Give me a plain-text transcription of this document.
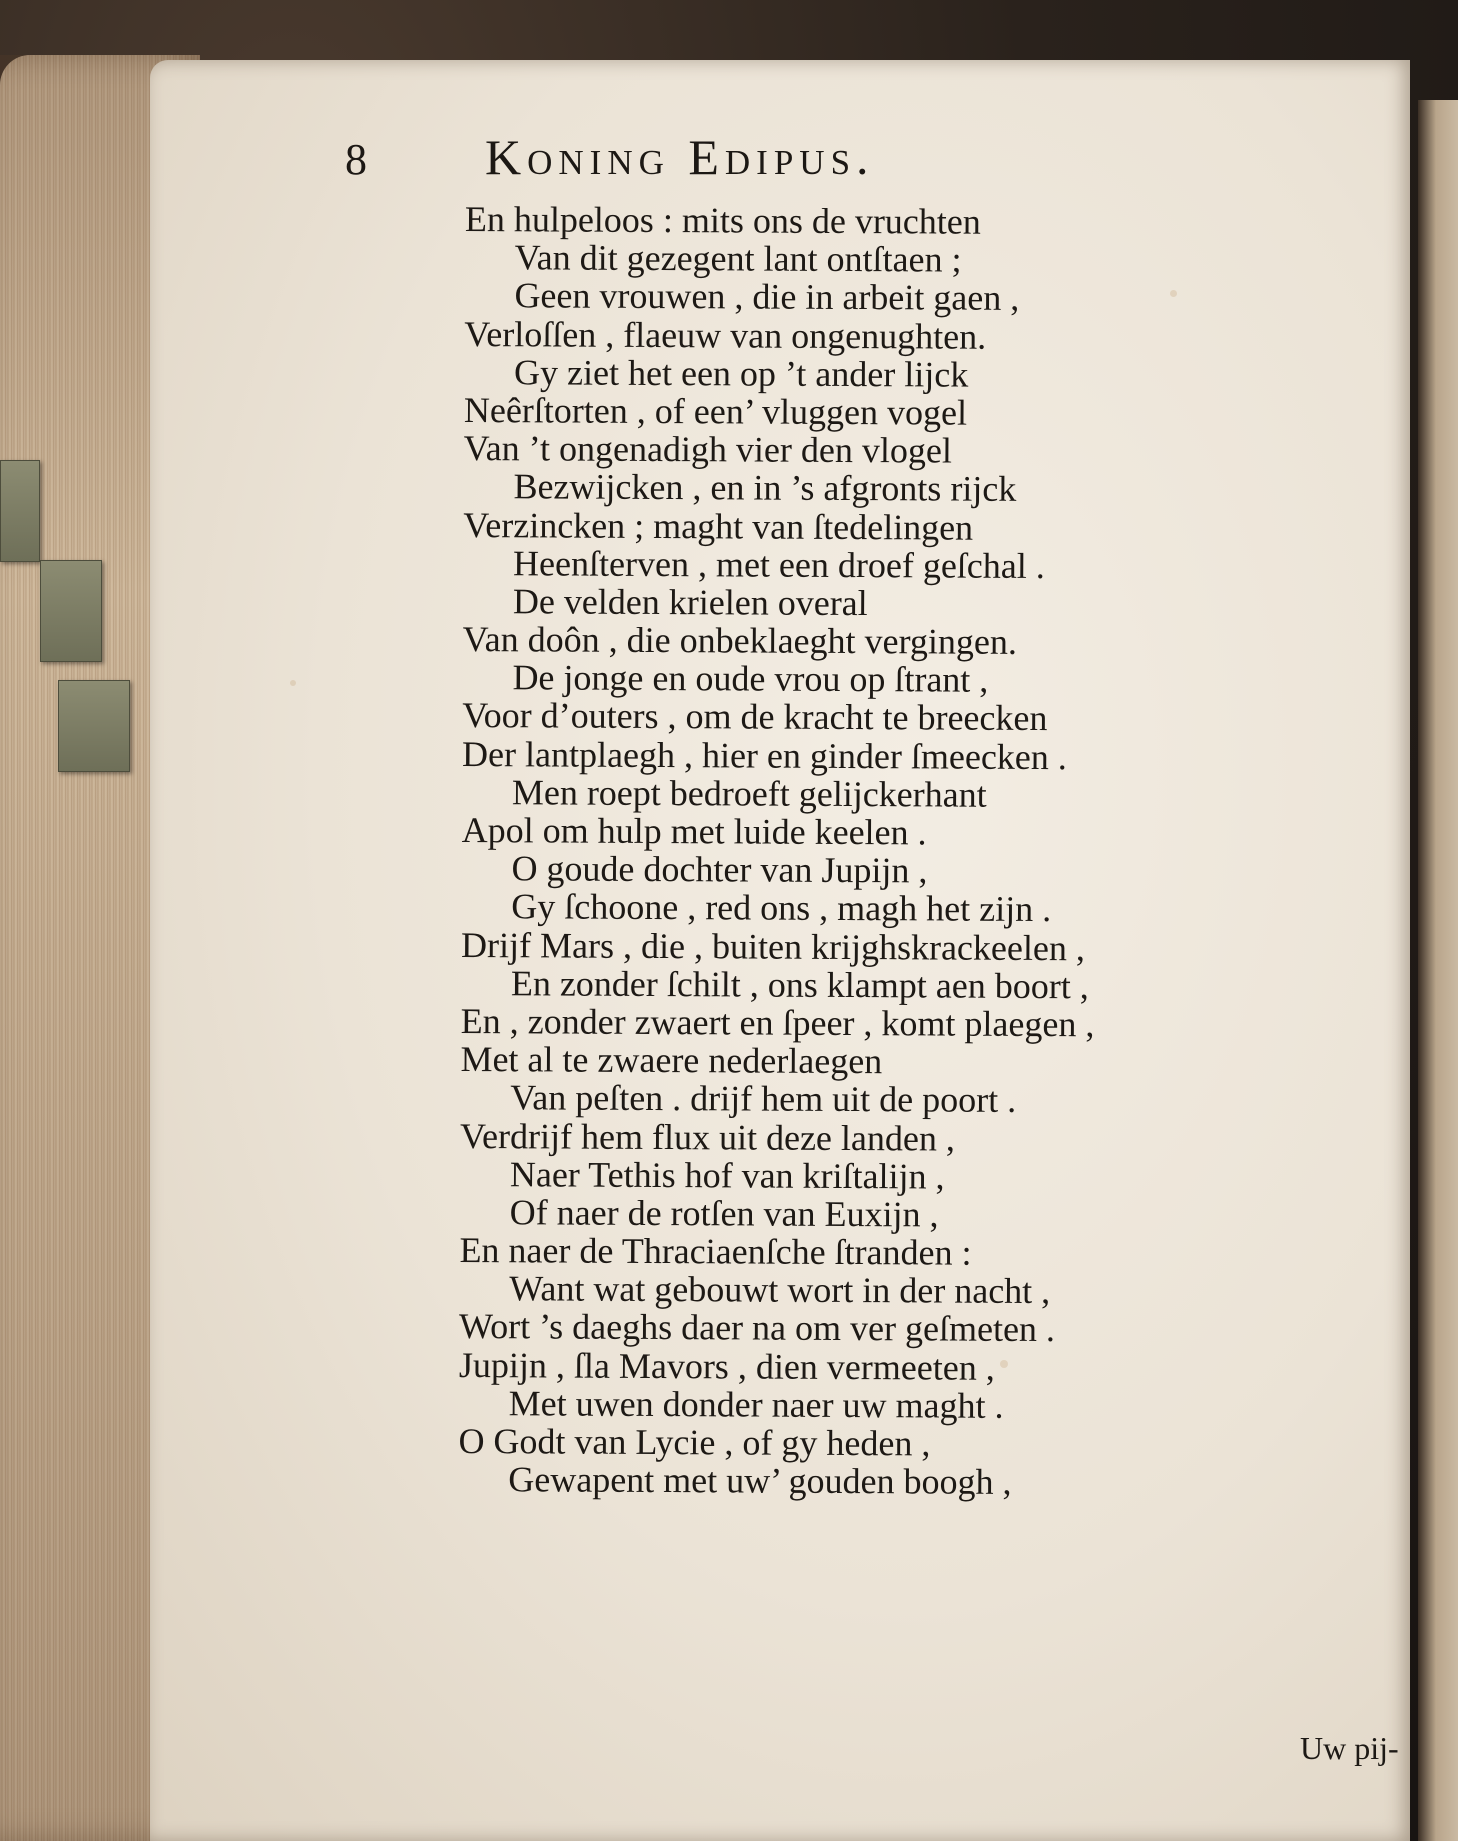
8	Koning Edipus.
En hulpeloos : mits ons de vruchten
Van dit gezegent lant ontſtaen ;
Geen vrouwen , die in arbeit gaen ,
Verloſſen , flaeuw van ongenughten.
Gy ziet het een op ’t ander lijck
Neêrſtorten , of een’ vluggen vogel
Van ’t ongenadigh vier den vlogel
Bezwijcken , en in ’s afgronts rijck
Verzincken ; maght van ſtedelingen
Heenſterven , met een droef geſchal .
De velden krielen overal
Van doôn , die onbeklaeght vergingen.
De jonge en oude vrou op ſtrant ,
Voor d’outers , om de kracht te breecken
Der lantplaegh , hier en ginder ſmeecken .
Men roept bedroeft gelijckerhant
Apol om hulp met luide keelen .
O goude dochter van Jupijn ,
Gy ſchoone , red ons , magh het zijn .
Drijf Mars , die , buiten krijghskrackeelen ,
En zonder ſchilt , ons klampt aen boort ,
En , zonder zwaert en ſpeer , komt plaegen ,
Met al te zwaere nederlaegen
Van peſten . drijf hem uit de poort .
Verdrijf hem flux uit deze landen ,
Naer Tethis hof van kriſtalijn ,
Of naer de rotſen van Euxijn ,
En naer de Thraciaenſche ſtranden :
Want wat gebouwt wort in der nacht ,
Wort ’s daeghs daer na om ver geſmeten .
Jupijn , ſla Mavors , dien vermeeten ,
Met uwen donder naer uw maght .
O Godt van Lycie , of gy heden ,
Gewapent met uw’ gouden boogh ,
Uw pij-
